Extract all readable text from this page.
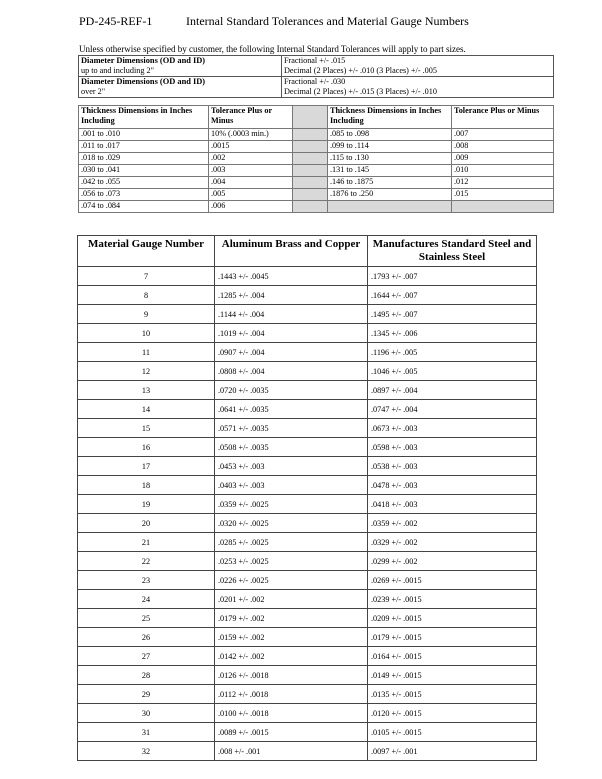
PD-245-REF-1	Internal Standard Tolerances and Material Gauge Numbers
Unless otherwise specified by customer, the following Internal Standard Tolerances will apply to part sizes.
Diameter Dimensions (OD and ID)
up to and including 2"	Fractional +/- .015
Decimal (2 Places) +/- .010 (3 Places) +/- .005
Diameter Dimensions (OD and ID)
over 2"	Fractional +/- .030
Decimal (2 Places) +/- .015 (3 Places) +/- .010
Thickness Dimensions in Inches Including	Tolerance Plus or Minus		Thickness Dimensions in Inches Including	Tolerance Plus or Minus
.001 to .010	10% (.0003 min.)		.085 to .098	.007
.011 to .017	.0015		.099 to .114	.008
.018 to .029	.002		.115 to .130	.009
.030 to .041	.003		.131 to .145	.010
.042 to .055	.004		.146 to .1875	.012
.056 to .073	.005		.1876 to .250	.015
.074 to .084	.006			
Material Gauge Number	Aluminum Brass and Copper	Manufactures Standard Steel and Stainless Steel
7	.1443 +/- .0045	.1793 +/- .007
8	.1285 +/- .004	.1644 +/- .007
9	.1144 +/- .004	.1495 +/- .007
10	.1019 +/- .004	.1345 +/- .006
11	.0907 +/- .004	.1196 +/- .005
12	.0808 +/- .004	.1046 +/- .005
13	.0720 +/- .0035	.0897 +/- .004
14	.0641 +/- .0035	.0747 +/- .004
15	.0571 +/- .0035	.0673 +/- .003
16	.0508 +/- .0035	.0598 +/- .003
17	.0453 +/- .003	.0538 +/- .003
18	.0403 +/- .003	.0478 +/- .003
19	.0359 +/- .0025	.0418 +/- .003
20	.0320 +/- .0025	.0359 +/- .002
21	.0285 +/- .0025	.0329 +/- .002
22	.0253 +/- .0025	.0299 +/- .002
23	.0226 +/- .0025	.0269 +/- .0015
24	.0201 +/- .002	.0239 +/- .0015
25	.0179 +/- .002	.0209 +/- .0015
26	.0159 +/- .002	.0179 +/- .0015
27	.0142 +/- .002	.0164 +/- .0015
28	.0126 +/- .0018	.0149 +/- .0015
29	.0112 +/- .0018	.0135 +/- .0015
30	.0100 +/- .0018	.0120 +/- .0015
31	.0089 +/- .0015	.0105 +/- .0015
32	.008 +/- .001	.0097 +/- .001
